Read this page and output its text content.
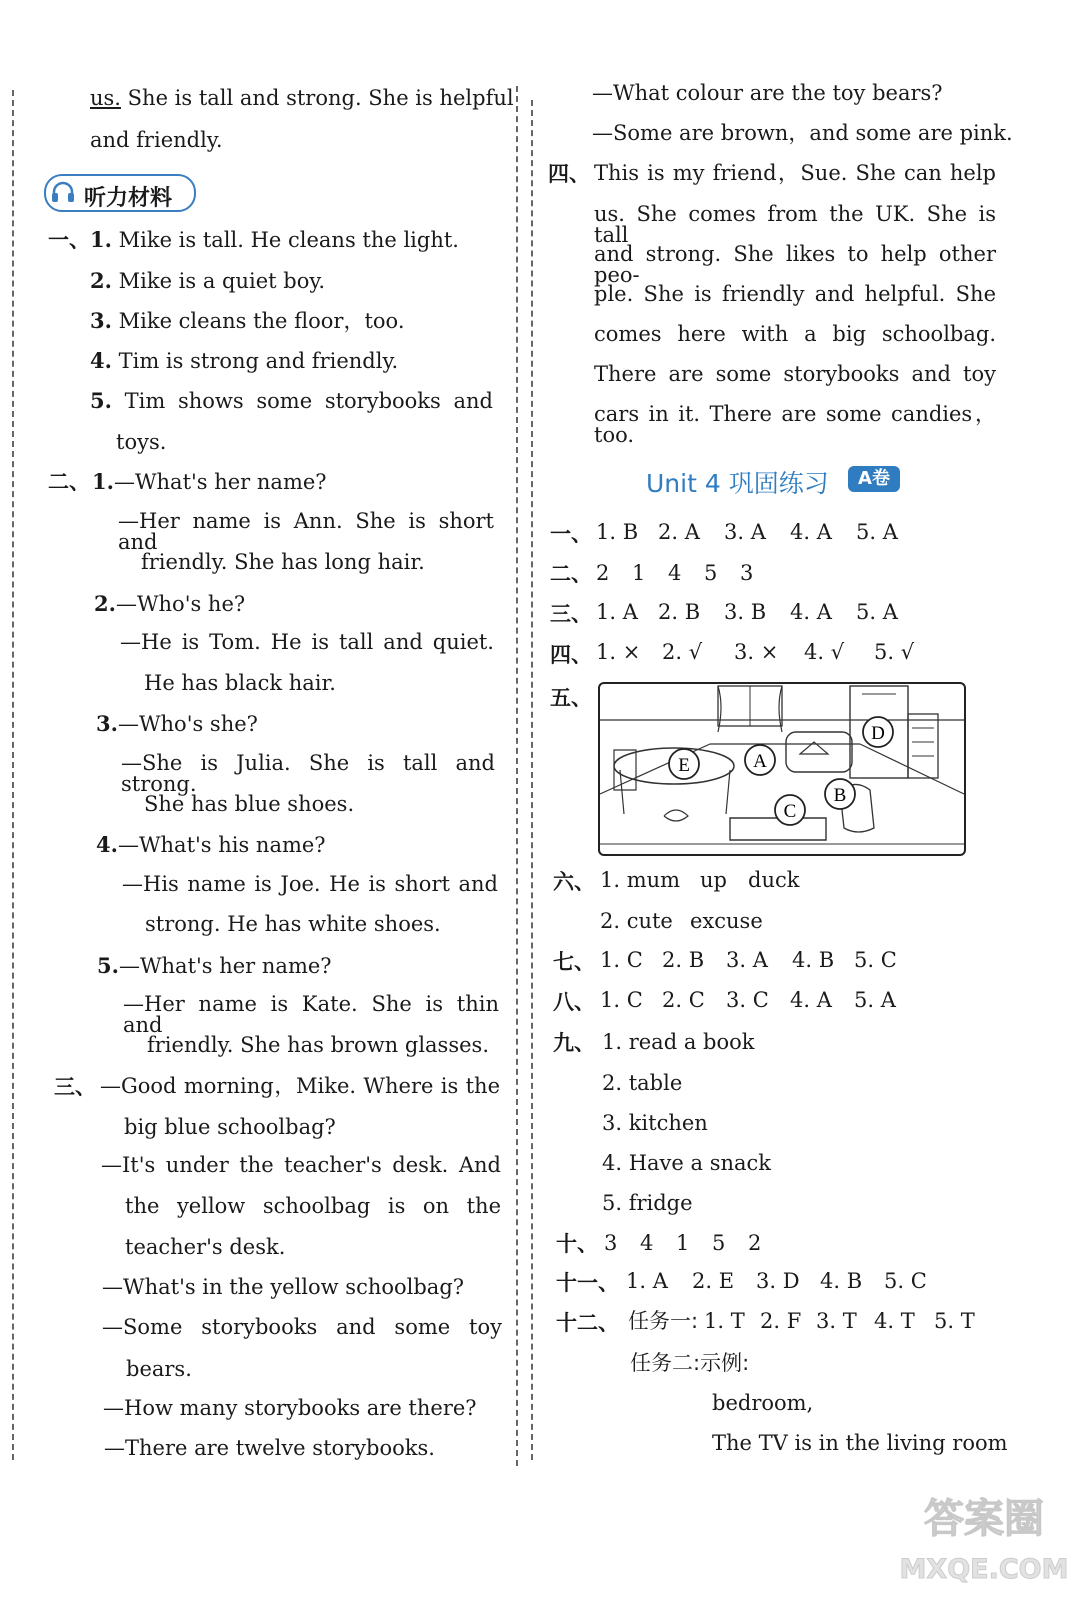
us. She is tall and strong. She is helpful
and friendly.
听力材料
一、 1. Mike is tall. He cleans the light.
2. Mike is a quiet boy.
3. Mike cleans the floor，too.
4. Tim is strong and friendly.
5. Tim shows some storybooks and
toys.
二、 1.—What's her name?
—Her name is Ann. She is short and
friendly. She has long hair.
2.—Who's he?
—He is Tom. He is tall and quiet.
He has black hair.
3.—Who's she?
—She is Julia. She is tall and strong.
She has blue shoes.
4.—What's his name?
—His name is Joe. He is short and
strong. He has white shoes.
5.—What's her name?
—Her name is Kate. She is thin and
friendly. She has brown glasses.
三、 —Good morning，Mike. Where is the
big blue schoolbag?
—It's under the teacher's desk. And
the yellow schoolbag is on the
teacher's desk.
—What's in the yellow schoolbag?
—Some storybooks and some toy
bears.
—How many storybooks are there?
—There are twelve storybooks.
—What colour are the toy bears?
—Some are brown，and some are pink.
四、 This is my friend，Sue. She can help
us. She comes from the UK. She is tall
and strong. She likes to help other peo-
ple. She is friendly and helpful. She
comes here with a big schoolbag.
There are some storybooks and toy
cars in it. There are some candies，too.
Unit 4 巩固练习	A卷
一、 1. B 2. A	3. A	4. A	5. A
二、 2	1	4	5	3
三、 1. A 2. B	3. B	4. A	5. A
四、 1. ×	2. √	3. ×	4. √	5. √
五、
E	A
D
C
B
六、 1. mum up	duck
2. cute excuse
七、 1. C 2. B	3. A	4. B 5. C
八、 1. C 2. C	3. C	4. A	5. A
九、 1. read a book
2. table
3. kitchen
4. Have a snack
5. fridge
十、 3	4	1	5	2
十一、 1. A	2. E	3. D 4. B	5. C
十二、 任务一: 1. T 2. F 3. T 4. T 5. T
任务二:示例:
bedroom,
The TV is in the living room
答案圈
MXQE.COM
